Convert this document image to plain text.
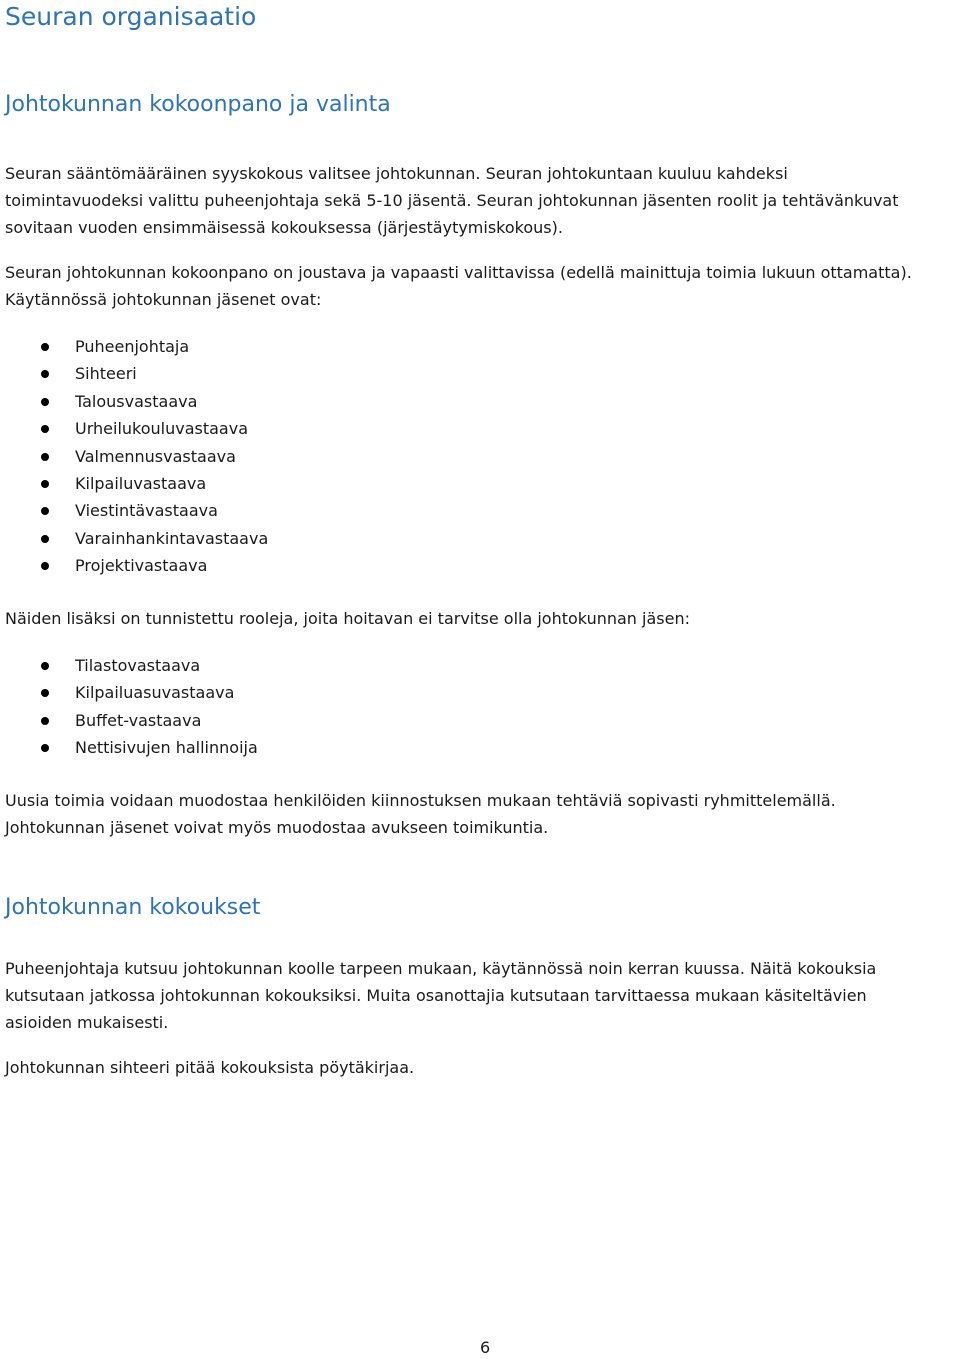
Seuran organisaatio
Johtokunnan kokoonpano ja valinta

Seuran sääntömääräinen syyskokous valitsee johtokunnan. Seuran johtokuntaan kuuluu kahdeksi toimintavuodeksi valittu puheenjohtaja sekä 5-10 jäsentä. Seuran johtokunnan jäsenten roolit ja tehtävänkuvat sovitaan vuoden ensimmäisessä kokouksessa (järjestäytymiskokous).

Seuran johtokunnan kokoonpano on joustava ja vapaasti valittavissa (edellä mainittuja toimia lukuun ottamatta). Käytännössä johtokunnan jäsenet ovat:

Puheenjohtaja
Sihteeri
Talousvastaava
Urheilukouluvastaava
Valmennusvastaava
Kilpailuvastaava
Viestintävastaava
Varainhankintavastaava
Projektivastaava

Näiden lisäksi on tunnistettu rooleja, joita hoitavan ei tarvitse olla johtokunnan jäsen:

Tilastovastaava
Kilpailuasuvastaava
Buffet-vastaava
Nettisivujen hallinnoija

Uusia toimia voidaan muodostaa henkilöiden kiinnostuksen mukaan tehtäviä sopivasti ryhmittelemällä. Johtokunnan jäsenet voivat myös muodostaa avukseen toimikuntia.

Johtokunnan kokoukset

Puheenjohtaja kutsuu johtokunnan koolle tarpeen mukaan, käytännössä noin kerran kuussa. Näitä kokouksia kutsutaan jatkossa johtokunnan kokouksiksi. Muita osanottajia kutsutaan tarvittaessa mukaan käsiteltävien asioiden mukaisesti.

Johtokunnan sihteeri pitää kokouksista pöytäkirjaa.

6
